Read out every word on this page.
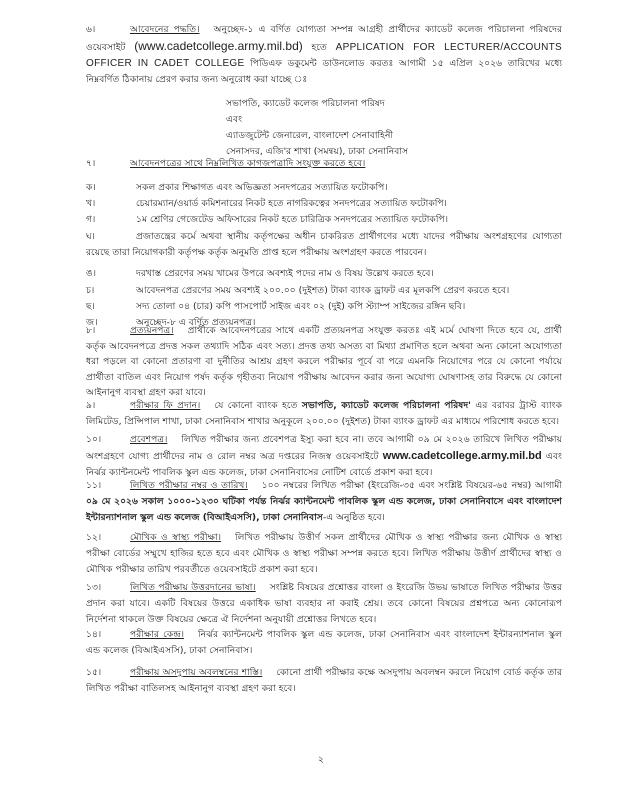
৬।	আবেদনের পদ্ধতি। অনুচ্ছেদ-১ এ বর্ণিত যোগ্যতা সম্পন্ন আগ্রহী প্রার্থীদের ক্যাডেট কলেজ পরিচালনা পরিষদের ওয়েবসাইট (www.cadetcollege.army.mil.bd) হতে APPLICATION FOR LECTURER/ACCOUNTS OFFICER IN CADET COLLEGE পিডিএফ ডকুমেন্ট ডাউনলোড করতঃ আগামী ১৫ এপ্রিল ২০২৬ তারিখের মধ্যে নিম্নবর্ণিত ঠিকানায় প্রেরণ করার জন্য অনুরোধ করা যাচ্ছে ঃ
সভাপতি, ক্যাডেট কলেজ পরিচালনা পরিষদ
এবং
এ্যাডজুটেন্ট জেনারেল, বাংলাদেশ সেনাবাহিনী
সেনাসদর, এজি'র শাখা (সমন্বয়), ঢাকা সেনানিবাস
৭।	আবেদনপত্রের সাথে নিম্নলিখিত কাগজপত্রাদি সংযুক্ত করতে হবে।
ক।	সকল প্রকার শিক্ষাগত এবং অভিজ্ঞতা সনদপত্রের সত্যায়িত ফটোকপি।
খ।	চেয়ারম্যান/ওয়ার্ড কমিশনারের নিকট হতে নাগরিকত্বের সনদপত্রের সত্যায়িত ফটোকপি।
গ।	১ম শ্রেণির গেজেটেড অফিসারের নিকট হতে চারিত্রিক সনদপত্রের সত্যায়িত ফটোকপি।
ঘ।	প্রজাতন্ত্রের কর্মে অথবা স্থানীয় কর্তৃপক্ষের অধীন চাকরিরত প্রার্থীগণের মধ্যে যাদের পরীক্ষায় অংশগ্রহণের যোগ্যতা রয়েছে তারা নিয়োগকারী কর্তৃপক্ষ কর্তৃক অনুমতি প্রাপ্ত হলে পরীক্ষায় অংশগ্রহণ করতে পারবেন।
ঙ।	দরখাস্ত প্রেরণের সময় খামের উপরে অবশ্যই পদের নাম ও বিষয় উল্লেখ করতে হবে।
চ।	আবেদনপত্র প্রেরণের সময় অবশ্যই ২০০.০০ (দুইশত) টাকা ব্যাংক ড্রাফট এর মূলকপি প্রেরণ করতে হবে।
ছ।	সদ্য তোলা ০৪ (চার) কপি পাসপোর্ট সাইজ এবং ০২ (দুই) কপি স্ট্যাম্প সাইজের রঙ্গিন ছবি।
জ।	অনুচ্ছেদ-৮ এ বর্ণিত প্রত্যয়নপত্র।
৮।	প্রত্যয়নপত্র। প্রার্থীকে আবেদনপত্রের সাথে একটি প্রত্যয়নপত্র সংযুক্ত করতঃ এই মর্মে ঘোষণা দিতে হবে যে, প্রার্থী কর্তৃক আবেদনপত্রে প্রদত্ত সকল তথ্যাদি সঠিক এবং সত্য। প্রদত্ত তথ্য অসত্য বা মিথ্যা প্রমাণিত হলে অথবা অন্য কোনো অযোগ্যতা ধরা পড়লে বা কোনো প্রতারণা বা দুর্নীতির আশ্রয় গ্রহণ করলে পরীক্ষার পূর্বে বা পরে এমনকি নিয়োগের পরে যে কোনো পর্যায়ে প্রার্থীতা বাতিল এবং নিয়োগ পর্ষদ কর্তৃক গৃহীতব্য নিয়োগ পরীক্ষায় আবেদন করার জন্য অযোগ্য ঘোষণাসহ তার বিরুদ্ধে যে কোনো আইনানুগ ব্যবস্থা গ্রহণ করা যাবে।
৯।	পরীক্ষার ফি প্রদান। যে কোনো ব্যাংক হতে সভাপতি, ক্যাডেট কলেজ পরিচালনা পরিষদ' এর বরাবর ট্রাস্ট ব্যাংক লিমিটেড, প্রিন্সিপাল শাখা, ঢাকা সেনানিবাস শাখার অনুকূলে ২০০.০০ (দুইশত) টাকা ব্যাংক ড্রাফট এর মাধ্যমে পরিশোধ করতে হবে।
১০।	প্রবেশপত্র। লিখিত পরীক্ষার জন্য প্রবেশপত্র ইস্যু করা হবে না। তবে আগামী ০৯ মে ২০২৬ তারিখে লিখিত পরীক্ষায় অংশগ্রহণে যোগ্য প্রার্থীদের নাম ও রোল নম্বর অত্র দপ্তরের নিজস্ব ওয়েবসাইটে www.cadetcollege.army.mil.bd এবং নির্ঝর ক্যান্টনমেন্ট পাবলিক স্কুল এন্ড কলেজ, ঢাকা সেনানিবাসের নোটিশ বোর্ডে প্রকাশ করা হবে।
১১।	লিখিত পরীক্ষার নম্বর ও তারিখ। ১০০ নম্বরের লিখিত পরীক্ষা (ইংরেজি-৩৫ এবং সংশ্লিষ্ট বিষয়ের-৬৫ নম্বর) আগামী ০৯ মে ২০২৬ সকাল ১০০০-১২৩০ ঘটিকা পর্যন্ত নির্ঝর ক্যান্টনমেন্ট পাবলিক স্কুল এন্ড কলেজ, ঢাকা সেনানিবাসে এবং বাংলাদেশ ইন্টারন্যাশনাল স্কুল এন্ড কলেজ (বিআইএসসি), ঢাকা সেনানিবাস-এ অনুষ্ঠিত হবে।
১২।	মৌখিক ও স্বাস্থ্য পরীক্ষা। লিখিত পরীক্ষায় উত্তীর্ণ সকল প্রার্থীদের মৌখিক ও স্বাস্থ্য পরীক্ষার জন্য মৌখিক ও স্বাস্থ্য পরীক্ষা বোর্ডের সম্মুখে হাজির হতে হবে এবং মৌখিক ও স্বাস্থ্য পরীক্ষা সম্পন্ন করতে হবে। লিখিত পরীক্ষায় উত্তীর্ণ প্রার্থীদের স্বাস্থ্য ও মৌখিক পরীক্ষার তারিখ পরবর্তীতে ওয়েবসাইটে প্রকাশ করা হবে।
১৩।	লিখিত পরীক্ষায় উত্তরদানের ভাষা। সংশ্লিষ্ট বিষয়ের প্রশ্নোত্তর বাংলা ও ইংরেজি উভয় ভাষাতে লিখিত পরীক্ষার উত্তর প্রদান করা যাবে। একটি বিষয়ের উত্তরে একাধিক ভাষা ব্যবহার না করাই শ্রেয়। তবে কোনো বিষয়ের প্রশ্নপত্রে অন্য কোনোরূপ নির্দেশনা থাকলে উক্ত বিষয়ের ক্ষেত্রে ঐ নির্দেশনা অনুযায়ী প্রশ্নোত্তর লিখতে হবে।
১৪।	পরীক্ষার কেন্দ্র। নির্ঝর ক্যান্টনমেন্ট পাবলিক স্কুল এন্ড কলেজ, ঢাকা সেনানিবাস এবং বাংলাদেশ ইন্টারন্যাশনাল স্কুল এন্ড কলেজ (বিআইএসসি), ঢাকা সেনানিবাস।
১৫।	পরীক্ষায় অসদুপায় অবলম্বনের শাস্তি। কোনো প্রার্থী পরীক্ষার কক্ষে অসদুপায় অবলম্বন করলে নিয়োগ বোর্ড কর্তৃক তার লিখিত পরীক্ষা বাতিলসহ আইনানুগ ব্যবস্থা গ্রহণ করা হবে।
২
